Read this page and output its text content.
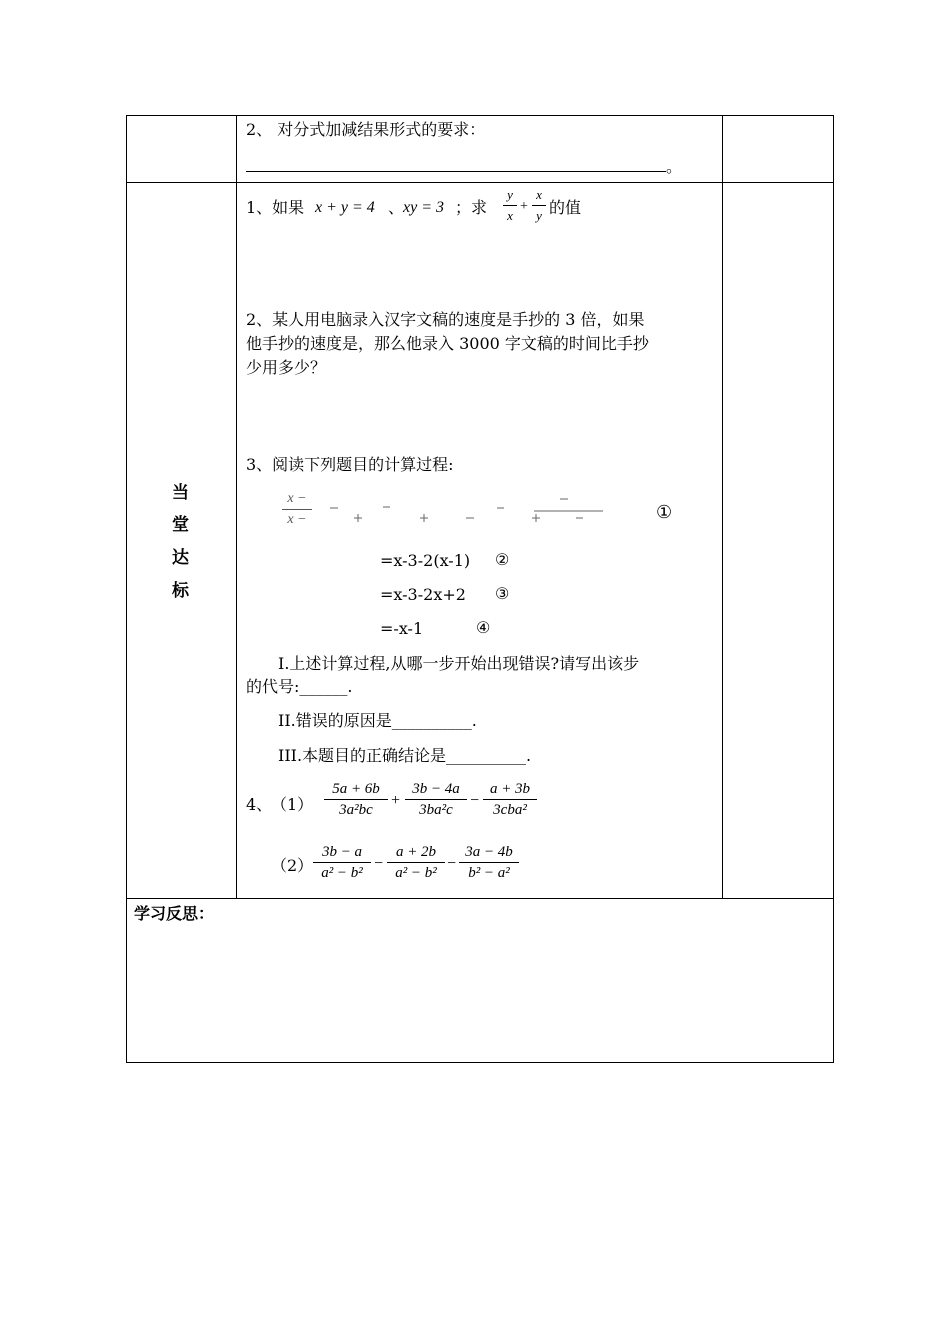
2、 对分式加减结果形式的要求：
。
当
堂
达
标
1、如果 x + y = 4 、
xy = 3 ；求
y
x
+
x
y 的值
2、某人用电脑录入汉字文稿的速度是手抄的 3 倍，如果
他手抄的速度是，那么他录入 3000 字文稿的时间比手抄
少用多少？
3、阅读下列题目的计算过程:
x −
x −	①
=x-3-2(x-1) ②
=x-3-2x+2 ③
=-x-1	④
I.上述计算过程,从哪一步开始出现错误?请写出该步
的代号:______.
II.错误的原因是__________.
III.本题目的正确结论是__________.
4、
（1）
5a + 6b
3a²bc
+
3b − 4a
3ba²c
−
a + 3b
3cba²
（2）
3b − a
a² − b²
−
a + 2b
a² − b²
−
3a − 4b
b² − a²
学习反思：
